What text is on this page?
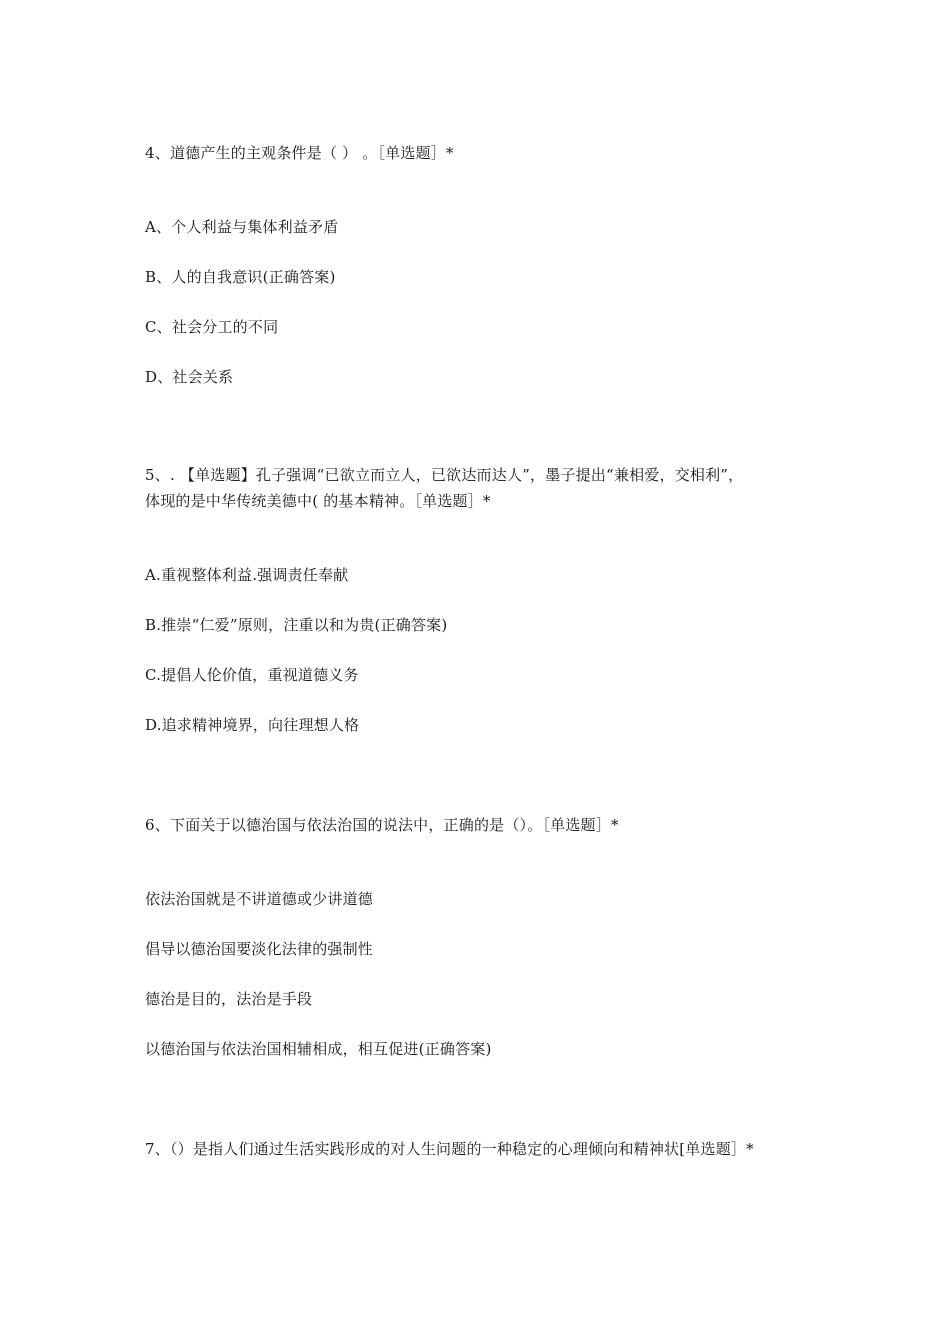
4、道德产生的主观条件是（ ） 。［单选题］*
A、个人利益与集体利益矛盾
B、人的自我意识(正确答案)
C、社会分工的不同
D、社会关系
5、. 【单选题】孔子强调“已欲立而立人，已欲达而达人”，墨子提出“兼相爱，交相利”，
体现的是中华传统美德中( 的基本精神。［单选题］*
A.重视整体利益.强调责任奉献
B.推崇“仁爱”原则，注重以和为贵(正确答案)
C.提倡人伦价值，重视道德义务
D.追求精神境界，向往理想人格
6、下面关于以德治国与依法治国的说法中，正确的是（）。［单选题］*
依法治国就是不讲道德或少讲道德
倡导以德治国要淡化法律的强制性
德治是目的，法治是手段
以德治国与依法治国相辅相成，相互促进(正确答案)
7、（）是指人们通过生活实践形成的对人生问题的一种稳定的心理倾向和精神状[单选题］*
